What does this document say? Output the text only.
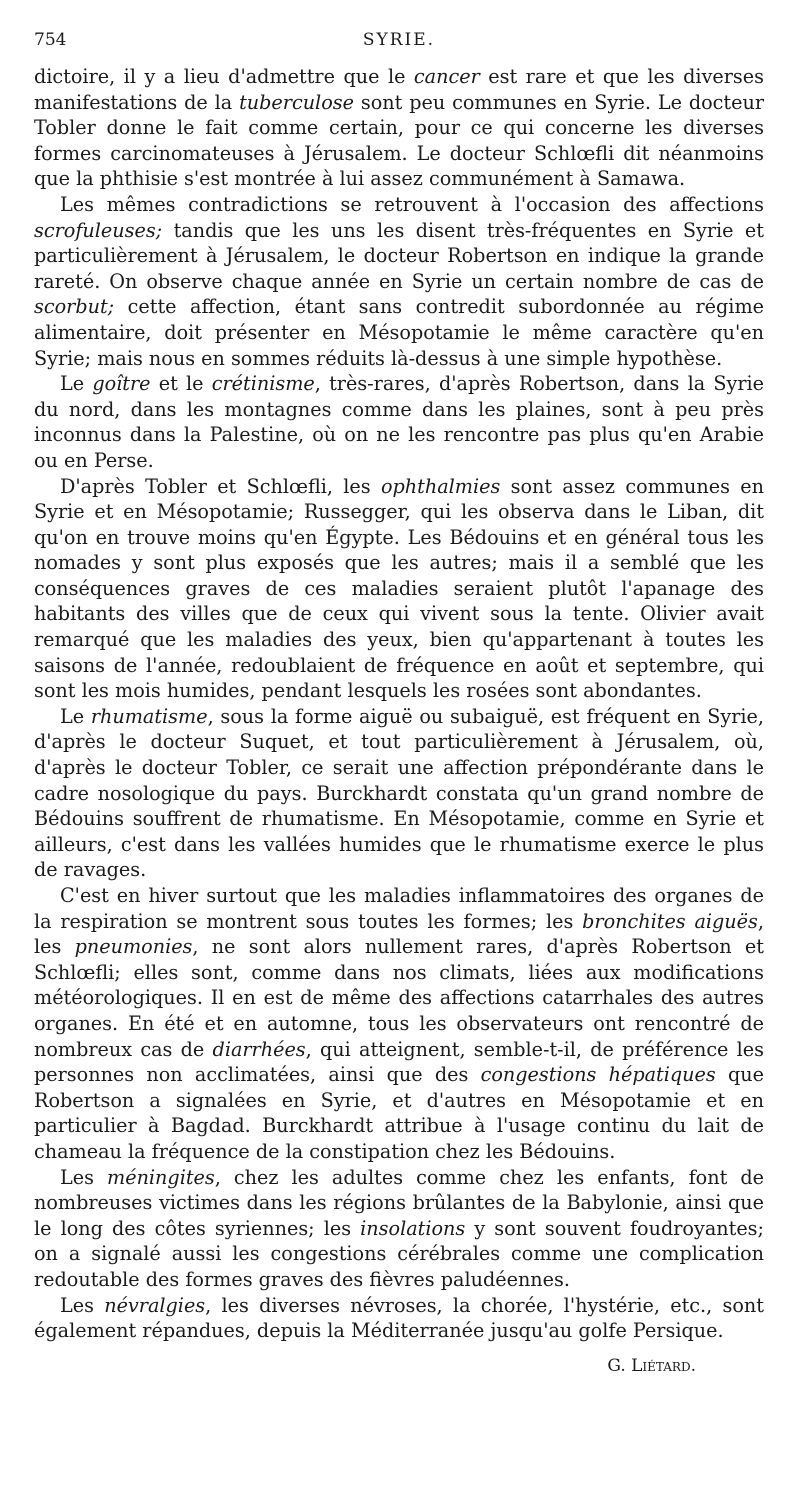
754	SYRIE.

dictoire, il y a lieu d'admettre que le cancer est rare et que les diverses manifestations de la tuberculose sont peu communes en Syrie. Le docteur Tobler donne le fait comme certain, pour ce qui concerne les diverses formes carcinomateuses à Jérusalem. Le docteur Schlœfli dit néanmoins que la phthisie s'est montrée à lui assez communément à Samawa.

Les mêmes contradictions se retrouvent à l'occasion des affections scrofuleuses; tandis que les uns les disent très-fréquentes en Syrie et particulièrement à Jérusalem, le docteur Robertson en indique la grande rareté. On observe chaque année en Syrie un certain nombre de cas de scorbut; cette affection, étant sans contredit subordonnée au régime alimentaire, doit présenter en Mésopotamie le même caractère qu'en Syrie; mais nous en sommes réduits là-dessus à une simple hypothèse.

Le goître et le crétinisme, très-rares, d'après Robertson, dans la Syrie du nord, dans les montagnes comme dans les plaines, sont à peu près inconnus dans la Palestine, où on ne les rencontre pas plus qu'en Arabie ou en Perse.

D'après Tobler et Schlœfli, les ophthalmies sont assez communes en Syrie et en Mésopotamie; Russegger, qui les observa dans le Liban, dit qu'on en trouve moins qu'en Égypte. Les Bédouins et en général tous les nomades y sont plus exposés que les autres; mais il a semblé que les conséquences graves de ces maladies seraient plutôt l'apanage des habitants des villes que de ceux qui vivent sous la tente. Olivier avait remarqué que les maladies des yeux, bien qu'appartenant à toutes les saisons de l'année, redoublaient de fréquence en août et septembre, qui sont les mois humides, pendant lesquels les rosées sont abondantes.

Le rhumatisme, sous la forme aiguë ou subaiguë, est fréquent en Syrie, d'après le docteur Suquet, et tout particulièrement à Jérusalem, où, d'après le docteur Tobler, ce serait une affection prépondérante dans le cadre nosologique du pays. Burckhardt constata qu'un grand nombre de Bédouins souffrent de rhumatisme. En Mésopotamie, comme en Syrie et ailleurs, c'est dans les vallées humides que le rhumatisme exerce le plus de ravages.

C'est en hiver surtout que les maladies inflammatoires des organes de la respiration se montrent sous toutes les formes; les bronchites aiguës, les pneumonies, ne sont alors nullement rares, d'après Robertson et Schlœfli; elles sont, comme dans nos climats, liées aux modifications météorologiques. Il en est de même des affections catarrhales des autres organes. En été et en automne, tous les observateurs ont rencontré de nombreux cas de diarrhées, qui atteignent, semble-t-il, de préférence les personnes non acclimatées, ainsi que des congestions hépatiques que Robertson a signalées en Syrie, et d'autres en Mésopotamie et en particulier à Bagdad. Burckhardt attribue à l'usage continu du lait de chameau la fréquence de la constipation chez les Bédouins.

Les méningites, chez les adultes comme chez les enfants, font de nombreuses victimes dans les régions brûlantes de la Babylonie, ainsi que le long des côtes syriennes; les insolations y sont souvent foudroyantes; on a signalé aussi les congestions cérébrales comme une complication redoutable des formes graves des fièvres paludéennes.

Les névralgies, les diverses névroses, la chorée, l'hystérie, etc., sont également répandues, depuis la Méditerranée jusqu'au golfe Persique.

G. Liétard.
